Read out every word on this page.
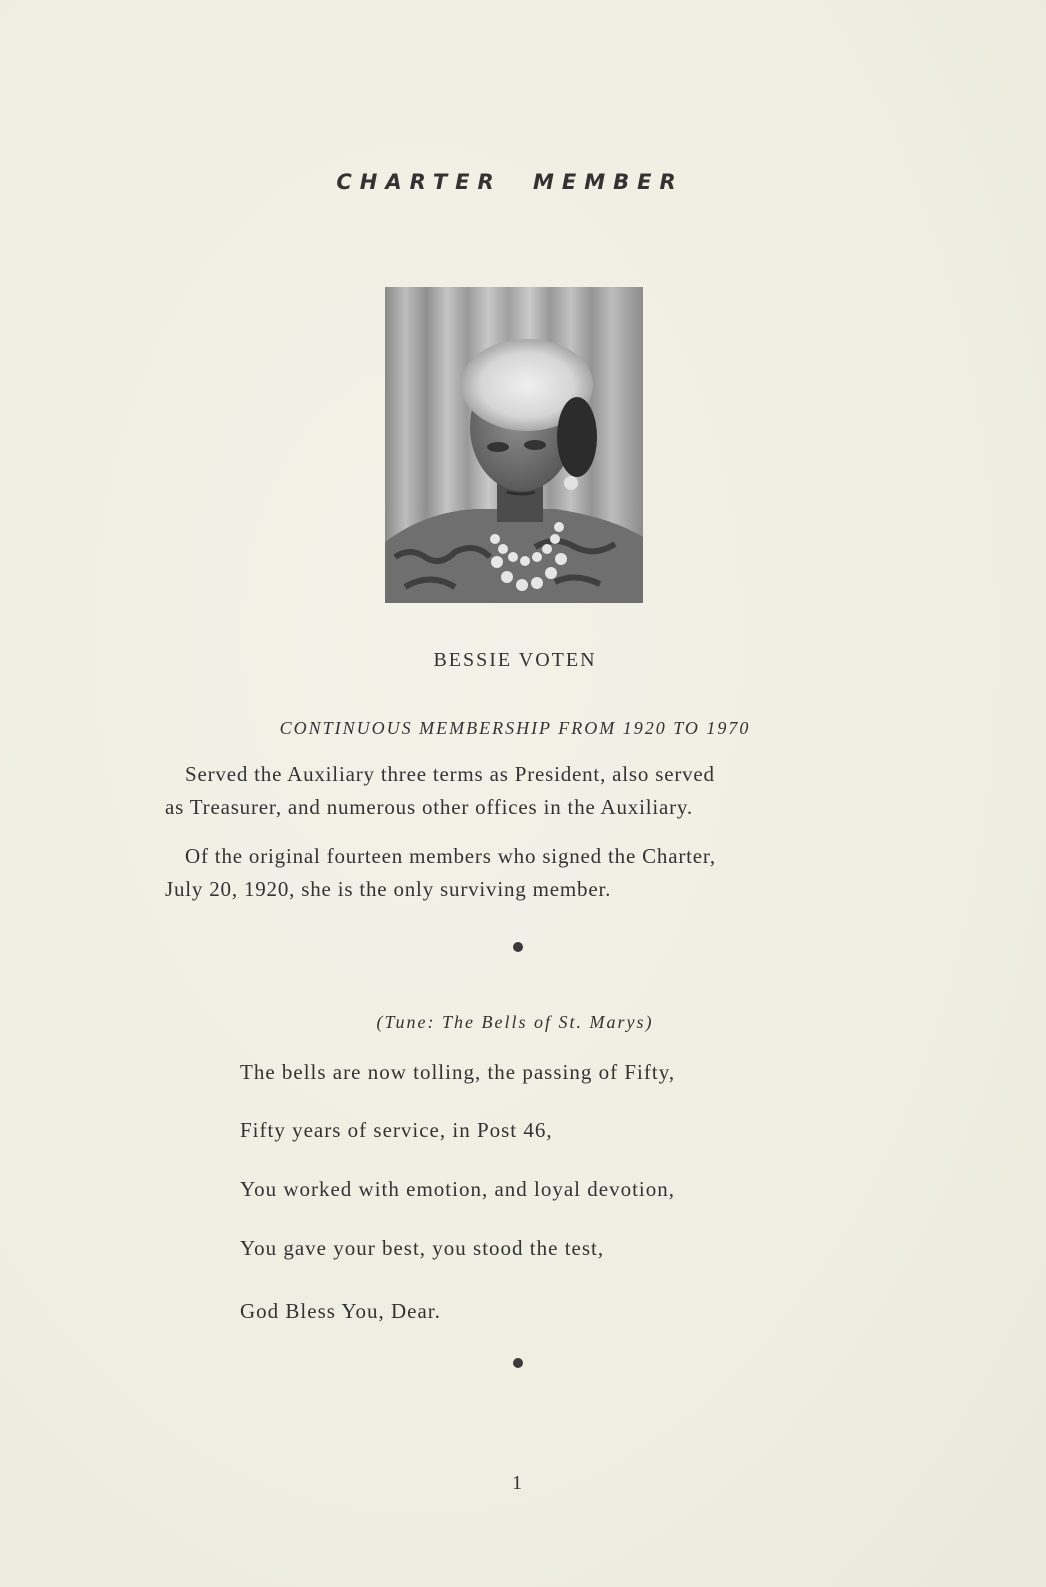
CHARTER MEMBER
BESSIE VOTEN
CONTINUOUS MEMBERSHIP FROM 1920 TO 1970
Served the Auxiliary three terms as President, also served
as Treasurer, and numerous other offices in the Auxiliary.
Of the original fourteen members who signed the Charter,
July 20, 1920, she is the only surviving member.
(Tune: The Bells of St. Marys)
The bells are now tolling, the passing of Fifty,
Fifty years of service, in Post 46,
You worked with emotion, and loyal devotion,
You gave your best, you stood the test,
God Bless You, Dear.
1
